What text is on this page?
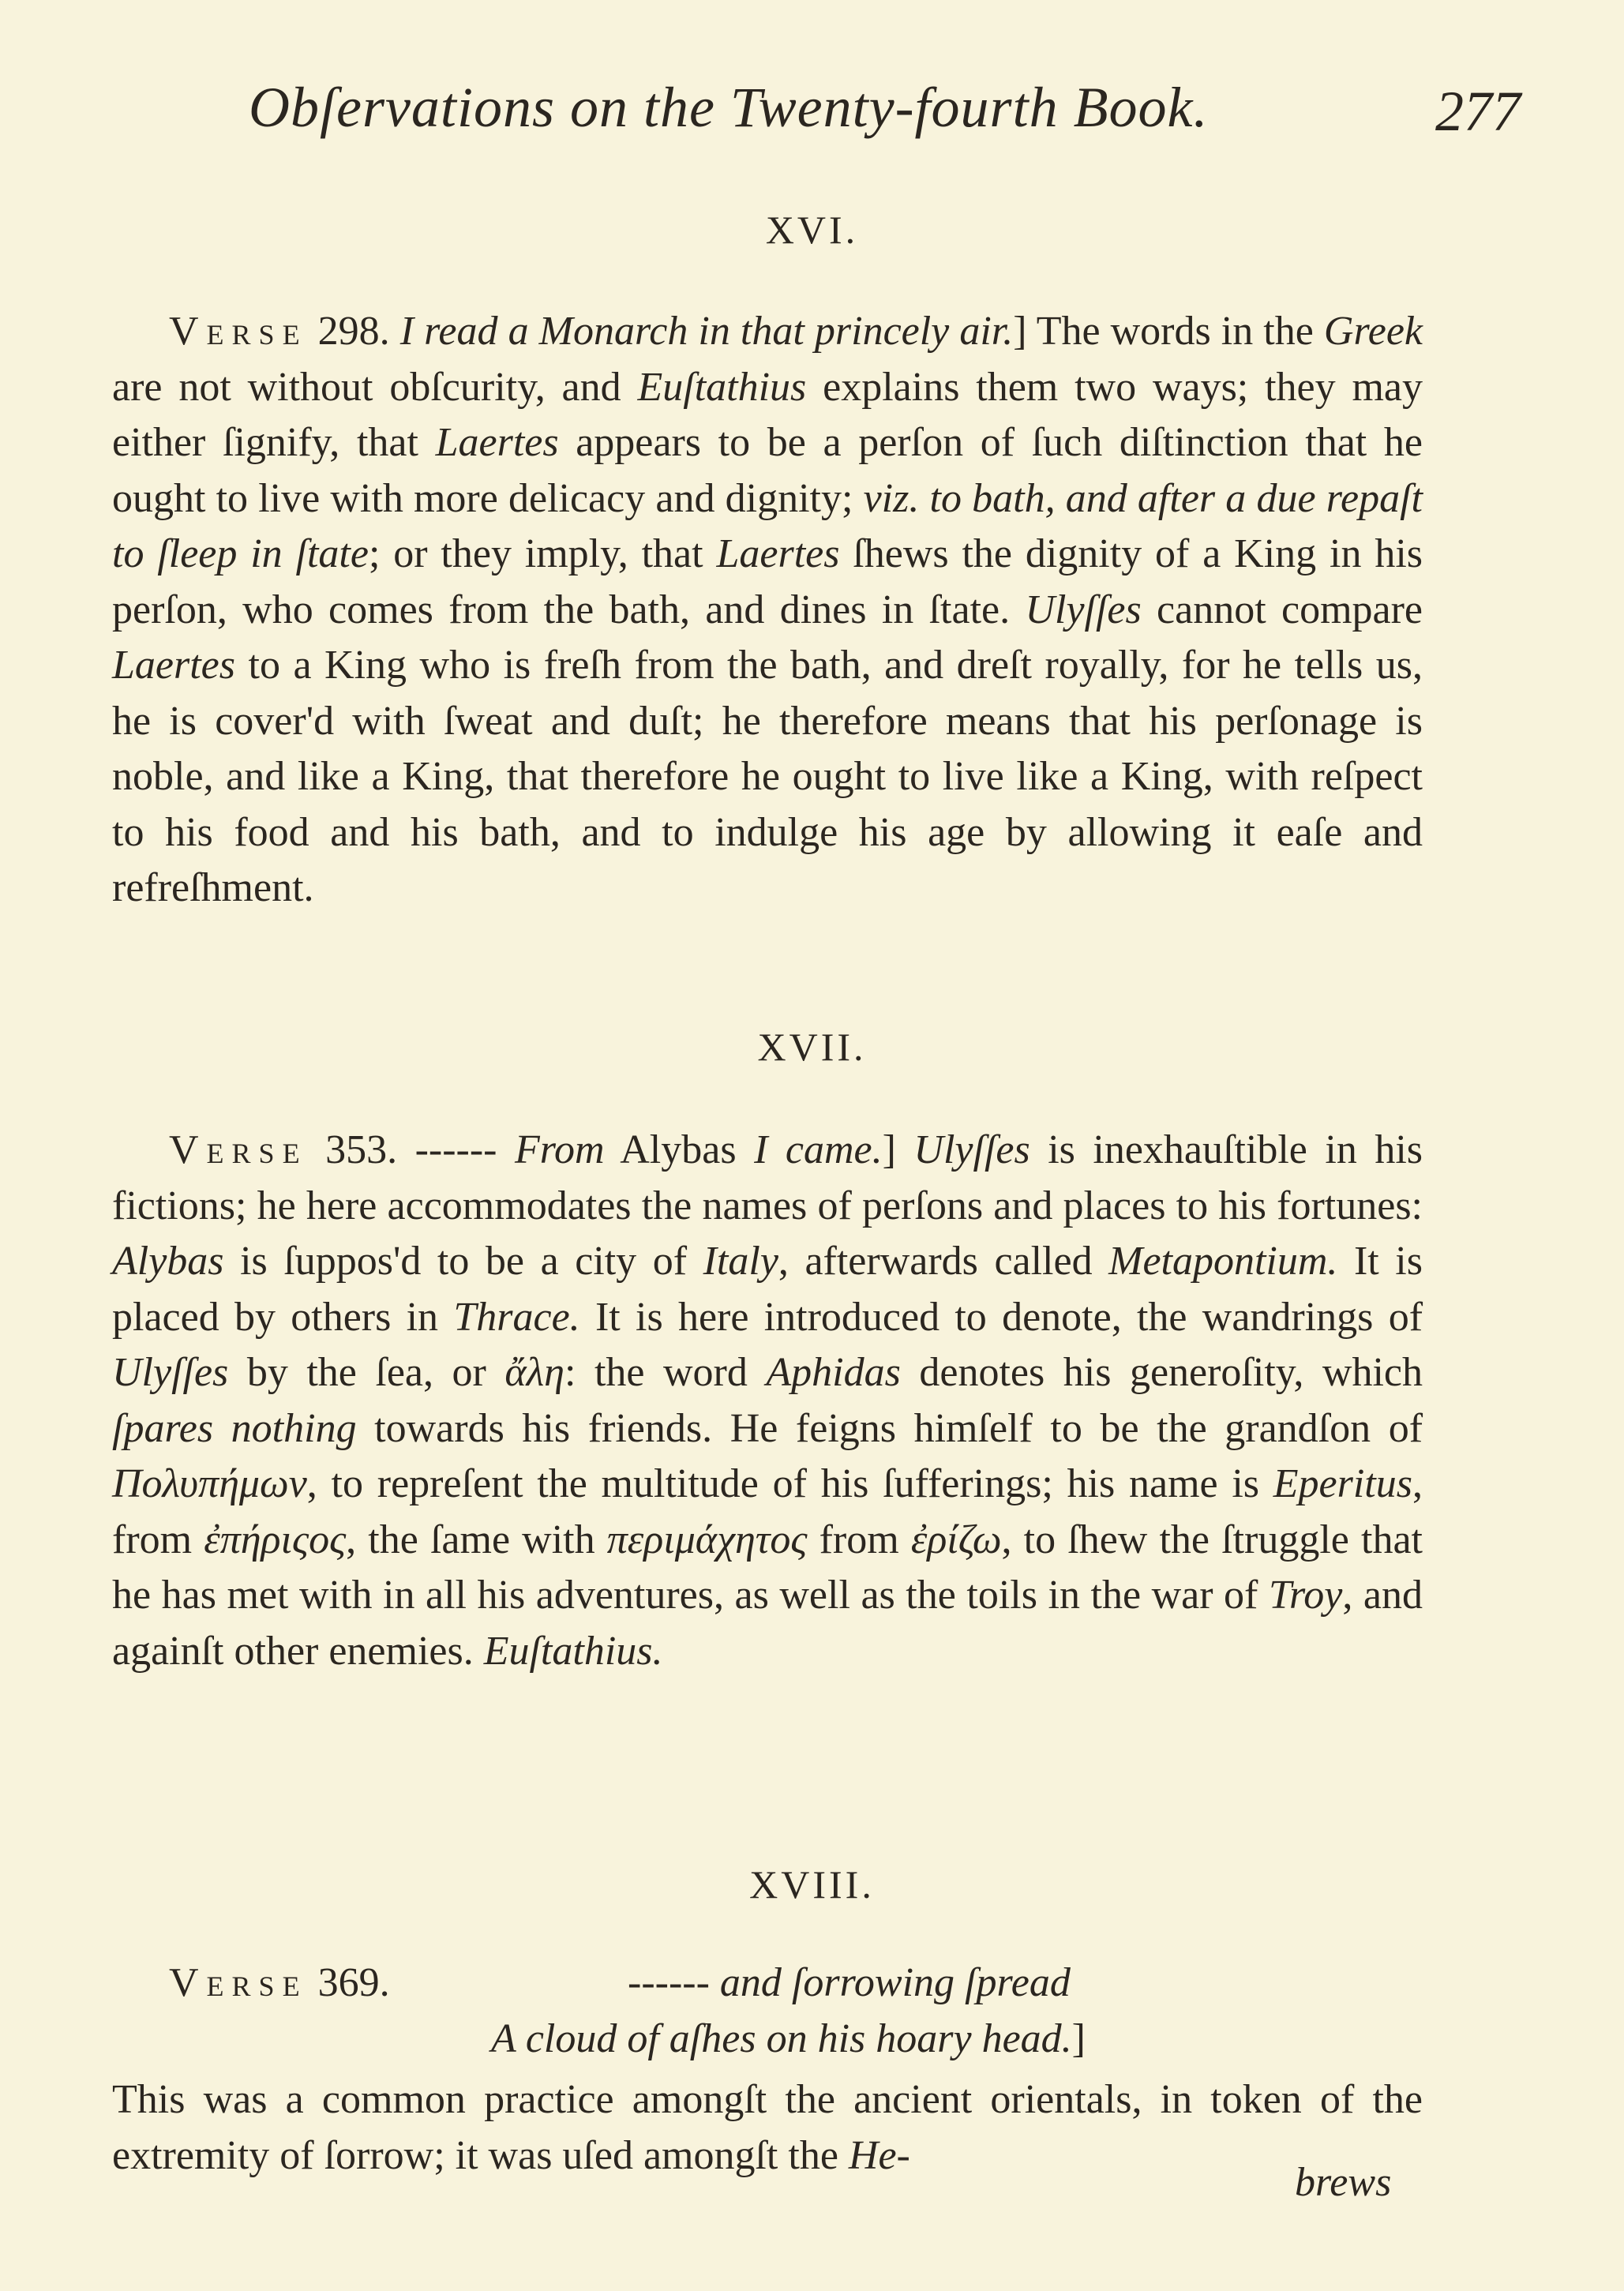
Obſervations on the Twenty-fourth Book.	277
XVI.

Verse 298. I read a Monarch in that princely air.] The words in the Greek are not without obſcurity, and Euſtathius explains them two ways; they may either ſignify, that Laertes appears to be a perſon of ſuch diſtinction that he ought to live with more delicacy and dignity; viz. to bath, and after a due repaſt to ſleep in ſtate; or they imply, that Laertes ſhews the dignity of a King in his perſon, who comes from the bath, and dines in ſtate. Ulyſſes cannot compare Laertes to a King who is freſh from the bath, and dreſt royally, for he tells us, he is cover'd with ſweat and duſt; he therefore means that his perſonage is noble, and like a King, that therefore he ought to live like a King, with reſpect to his food and his bath, and to indulge his age by allowing it eaſe and refreſhment.

XVII.

Verse 353. ------ From Alybas I came.] Ulyſſes is inexhauſtible in his fictions; he here accommodates the names of perſons and places to his fortunes: Alybas is ſuppos'd to be a city of Italy, afterwards called Metapontium. It is placed by others in Thrace. It is here introduced to denote, the wandrings of Ulyſſes by the ſea, or ἄλη: the word Aphidas denotes his generoſity, which ſpares nothing towards his friends. He feigns himſelf to be the grandſon of Πολυπήμων, to repreſent the multitude of his ſufferings; his name is Eperitus, from ἐπήριςος, the ſame with περιμάχητος from ἐρίζω, to ſhew the ſtruggle that he has met with in all his adventures, as well as the toils in the war of Troy, and againſt other enemies. Euſtathius.

XVIII.
Verse 369.	------ and ſorrowing ſpread
A cloud of aſhes on his hoary head.]

This was a common practice amongſt the ancient orientals, in token of the extremity of ſorrow; it was uſed amongſt the He-

brews
